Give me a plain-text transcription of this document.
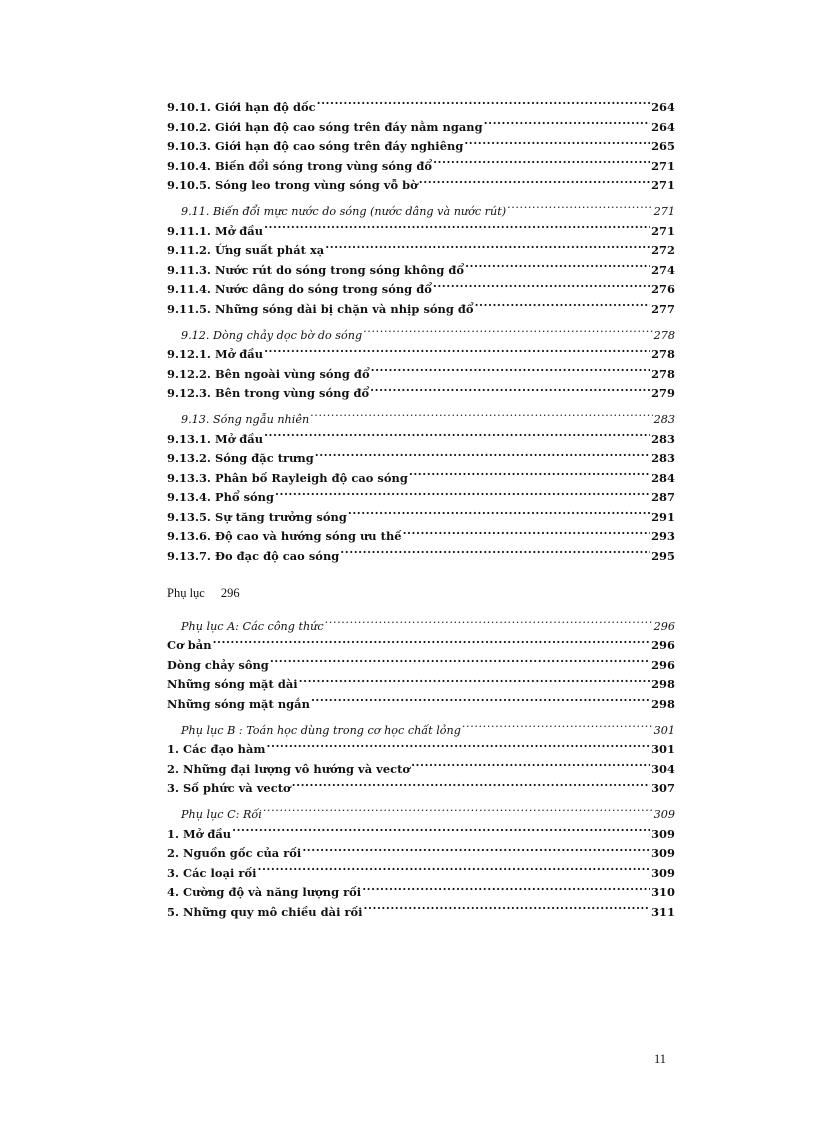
9.10.1. Giới hạn độ dốc .....	264
9.10.2. Giới hạn độ cao sóng trên đáy nằm ngang .....	264
9.10.3. Giới hạn độ cao sóng trên đáy nghiêng .....	265
9.10.4. Biến đổi sóng trong vùng sóng đổ .....	271
9.10.5. Sóng leo trong vùng sóng vỗ bờ .....	271
9.11. Biến đổi mực nước do sóng (nước dâng và nước rút) .....	271
9.11.1. Mở đầu .....	271
9.11.2. Ứng suất phát xạ .....	272
9.11.3. Nước rút do sóng trong sóng không đổ .....	274
9.11.4. Nước dâng do sóng trong sóng đổ .....	276
9.11.5. Những sóng dài bị chặn và nhịp sóng đổ .....	277
9.12. Dòng chảy dọc bờ do sóng .....	278
9.12.1. Mở đầu .....	278
9.12.2. Bên ngoài vùng sóng đổ .....	278
9.12.3. Bên trong vùng sóng đổ .....	279
9.13. Sóng ngẫu nhiên .....	283
9.13.1. Mở đầu .....	283
9.13.2. Sóng đặc trưng .....	283
9.13.3. Phân bố Rayleigh độ cao sóng .....	284
9.13.4. Phổ sóng .....	287
9.13.5. Sự tăng trưởng sóng .....	291
9.13.6. Độ cao và hướng sóng ưu thế .....	293
9.13.7. Đo đạc độ cao sóng .....	295
Phụ lục 296
Phụ lục A: Các công thức .....	296
Cơ bản .....	296
Dòng chảy sông .....	296
Những sóng mặt dài .....	298
Những sóng mặt ngắn .....	298
Phụ lục B : Toán học dùng trong cơ học chất lỏng .....	301
1. Các đạo hàm .....	301
2. Những đại lượng vô hướng và vectơ .....	304
3. Số phức và vectơ .....	307
Phụ lục C: Rối .....	309
1. Mở đầu .....	309
2. Nguồn gốc của rối .....	309
3. Các loại rối .....	309
4. Cường độ và năng lượng rối .....	310
5. Những quy mô chiều dài rối .....	311
11
